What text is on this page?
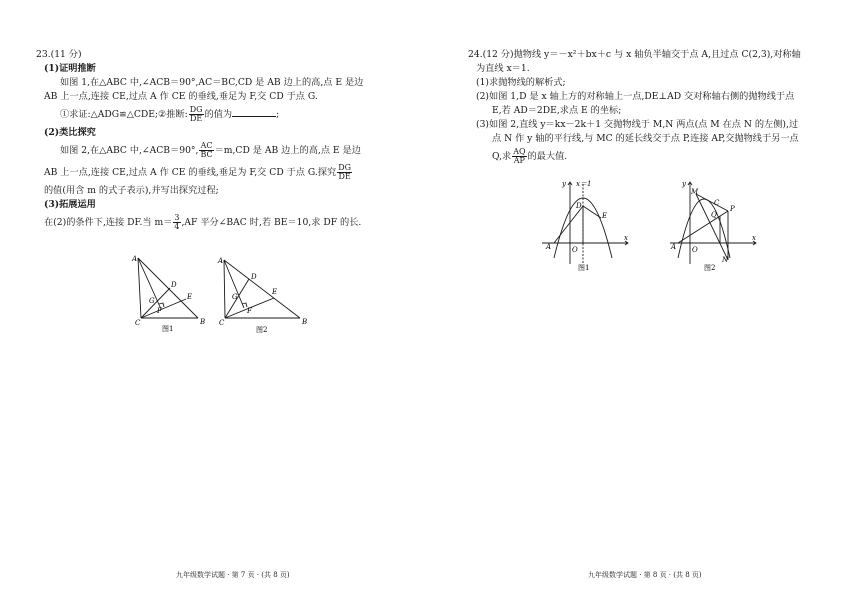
23.(11 分)
(1)证明推断
如图 1,在△ABC 中,∠ACB＝90°,AC＝BC,CD 是 AB 边上的高,点 E 是边
AB 上一点,连接 CE,过点 A 作 CE 的垂线,垂足为 F,交 CD 于点 G.
①求证:△ADG≌△CDE;②推断: $\frac{DG}{DE}$ 的值为	;
(2)类比探究
如图 2,在△ABC 中,∠ACB＝90°, $\frac{AC}{BC} =m,CD$ 是 AB 边上的高,点 E 是边
AB 上一点,连接 CE,过点 A 作 CE 的垂线,垂足为 F,交 CD 于点 G.探究 $\frac{DG}{DE}$
的值(用含 m 的式子表示),并写出探究过程;
(3)拓展运用
在(2)的条件下,连接 DF.当 $m= \frac{3}{4} ,AF$ 平分∠BAC 时,若 BE＝10,求 DF 的长.
A
B
C
D
E
F
G
图1
A
B
C
D
E
F
G
图2
九年级数学试题 · 第 7 页 · (共 8 页)
24.(12 分)抛物线 y＝－x²＋bx＋c 与 x 轴负半轴交于点 A,且过点 C(2,3),对称轴
为直线 x＝1.
(1)求抛物线的解析式;
(2)如图 1,D 是 x 轴上方的对称轴上一点,DE⊥AD 交对称轴右侧的抛物线于点
E,若 AD＝2DE,求点 E 的坐标;
(3)如图 2,直线 y＝kx－2k＋1 交抛物线于 M,N 两点(点 M 在点 N 的左侧),过
点 N 作 y 轴的平行线,与 MC 的延长线交于点 P,连接 AP,交抛物线于另一点
Q,求 $\frac{AQ}{AP}$ 的最大值.
y x＝1
x
D
E
A	O
图1
y
x
M
C
P
Q
A O
N
图2
九年级数学试题 · 第 8 页 · (共 8 页)
